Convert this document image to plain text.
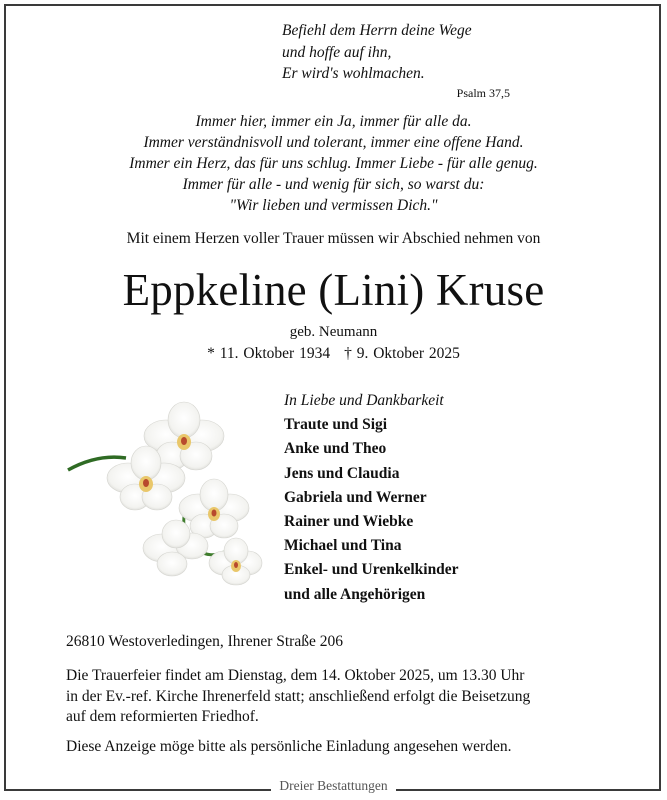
Befiehl dem Herrn deine Wege
und hoffe auf ihn,
Er wird's wohlmachen.
Psalm 37,5
Immer hier, immer ein Ja, immer für alle da.
Immer verständnisvoll und tolerant, immer eine offene Hand.
Immer ein Herz, das für uns schlug. Immer Liebe - für alle genug.
Immer für alle - und wenig für sich, so warst du:
"Wir lieben und vermissen Dich."
Mit einem Herzen voller Trauer müssen wir Abschied nehmen von
Eppkeline (Lini) Kruse
geb. Neumann
* 11. Oktober 1934 † 9. Oktober 2025
In Liebe und Dankbarkeit
Traute und Sigi
Anke und Theo
Jens und Claudia
Gabriela und Werner
Rainer und Wiebke
Michael und Tina
Enkel- und Urenkelkinder
und alle Angehörigen
26810 Westoverledingen, Ihrener Straße 206
Die Trauerfeier findet am Dienstag, dem 14. Oktober 2025, um 13.30 Uhr
in der Ev.-ref. Kirche Ihrenerfeld statt; anschließend erfolgt die Beisetzung
auf dem reformierten Friedhof.
Diese Anzeige möge bitte als persönliche Einladung angesehen werden.
Dreier Bestattungen
